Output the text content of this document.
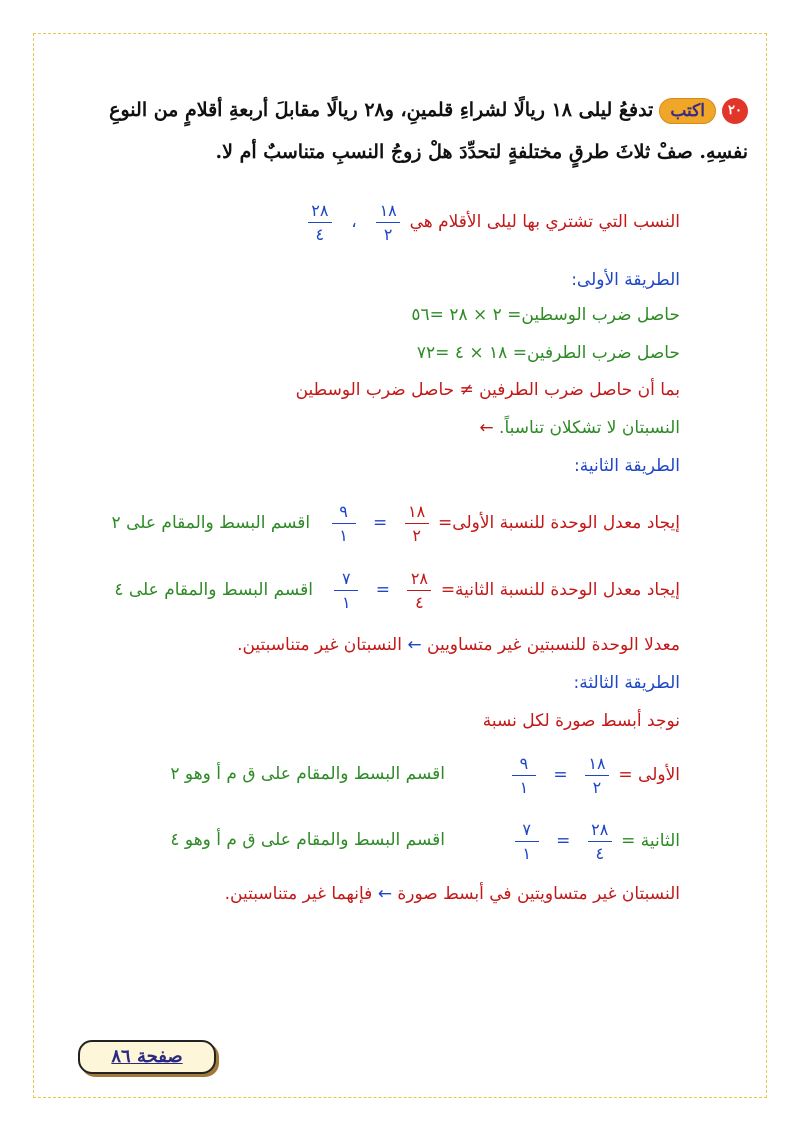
٢٠اكتبتدفعُ ليلى ١٨ ريالًا لشراءِ قلمينِ، و٢٨ ريالًا مقابلَ أربعةِ أقلامٍ من النوعِ
نفسِهِ. صفْ ثلاثَ طرقٍ مختلفةٍ لتحدِّدَ هلْ زوجُ النسبِ متناسبٌ أم لا.
النسب التي تشتري بها ليلى الأقلام هي
$\frac{١٨}{٢}$
،
$\frac{٢٨}{٤}$
الطريقة الأولى:
حاصل ضرب الوسطين= ٢ × ٢٨ =٥٦
حاصل ضرب الطرفين= ١٨ × ٤ =٧٢
بما أن حاصل ضرب الطرفين ≠ حاصل ضرب الوسطين
النسبتان لا تشكلان تناسباً. ←
الطريقة الثانية:
إيجاد معدل الوحدة للنسبة الأولى=
$\frac{١٨}{٢}$
=
$\frac{٩}{١}$
اقسم البسط والمقام على ٢
إيجاد معدل الوحدة للنسبة الثانية=
$\frac{٢٨}{٤}$
=
$\frac{٧}{١}$
اقسم البسط والمقام على ٤
معدلا الوحدة للنسبتين غير متساويين ← النسبتان غير متناسبتين.
الطريقة الثالثة:
نوجد أبسط صورة لكل نسبة
الأولى =
$\frac{١٨}{٢}$
=
$\frac{٩}{١}$
اقسم البسط والمقام على ق م أ وهو ٢
الثانية =
$\frac{٢٨}{٤}$
=
$\frac{٧}{١}$
اقسم البسط والمقام على ق م أ وهو ٤
النسبتان غير متساويتين في أبسط صورة ← فإنهما غير متناسبتين.
صفحة ٨٦
